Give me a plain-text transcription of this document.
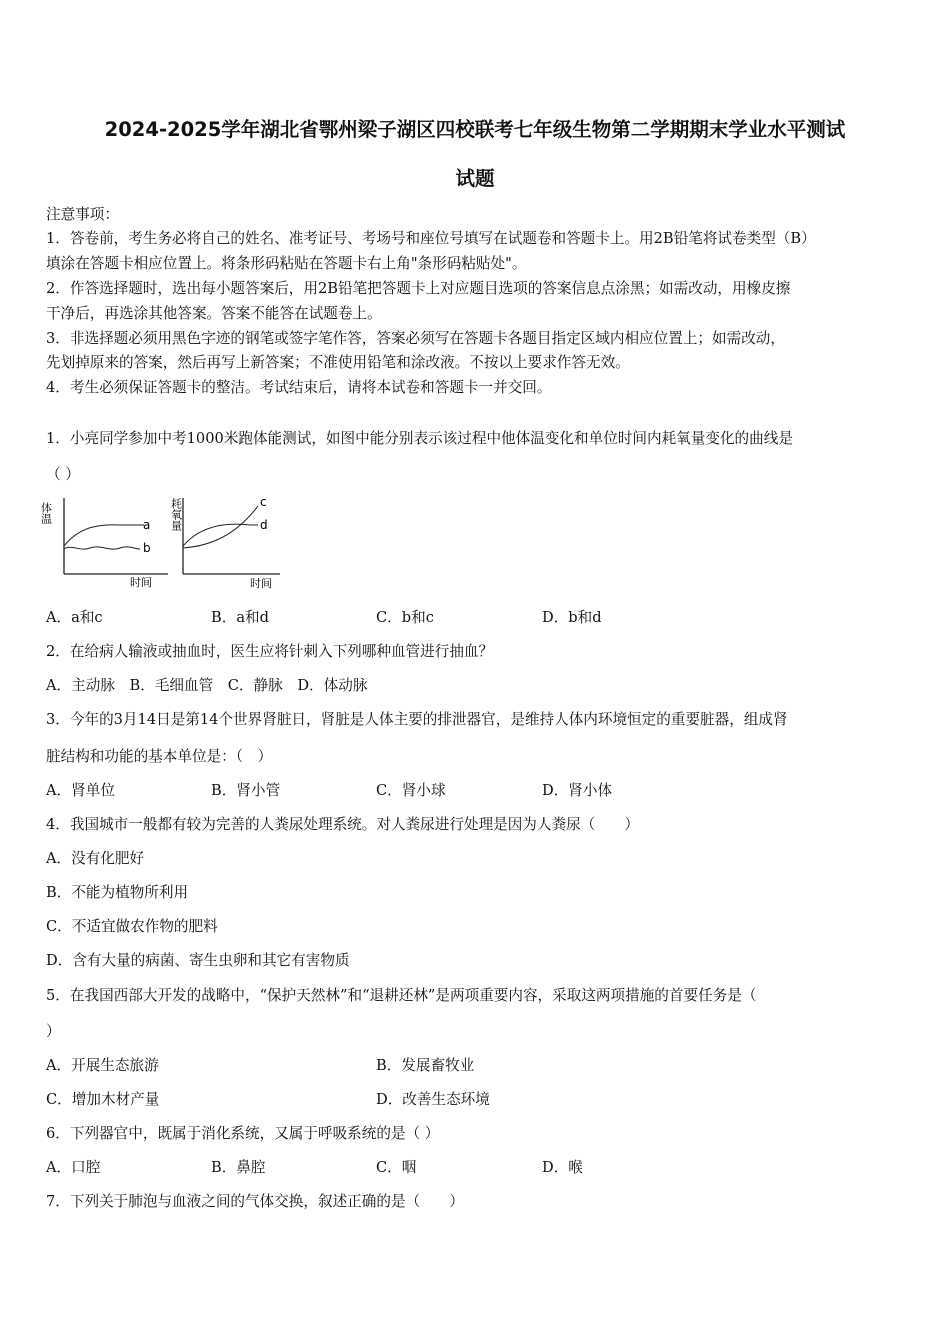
2024-2025学年湖北省鄂州梁子湖区四校联考七年级生物第二学期期末学业水平测试
试题
注意事项：
1．答卷前，考生务必将自己的姓名、准考证号、考场号和座位号填写在试题卷和答题卡上。用2B铅笔将试卷类型（B）
填涂在答题卡相应位置上。将条形码粘贴在答题卡右上角"条形码粘贴处"。
2．作答选择题时，选出每小题答案后，用2B铅笔把答题卡上对应题目选项的答案信息点涂黑；如需改动，用橡皮擦
干净后，再选涂其他答案。答案不能答在试题卷上。
3．非选择题必须用黑色字迹的钢笔或签字笔作答，答案必须写在答题卡各题目指定区域内相应位置上；如需改动，
先划掉原来的答案，然后再写上新答案；不准使用铅笔和涂改液。不按以上要求作答无效。
4．考生必须保证答题卡的整洁。考试结束后，请将本试卷和答题卡一并交回。
1．小亮同学参加中考1000米跑体能测试，如图中能分别表示该过程中他体温变化和单位时间内耗氧量变化的曲线是
（ ）
体温
a
b
时间
耗氧量	c
d
时间
A．a和c	B．a和d	C．b和c	D．b和d
2．在给病人输液或抽血时，医生应将针刺入下列哪种血管进行抽血？
A．主动脉　B．毛细血管　C．静脉　D．体动脉
3．今年的3月14日是第14个世界肾脏日，肾脏是人体主要的排泄器官，是维持人体内环境恒定的重要脏器，组成肾
脏结构和功能的基本单位是：（　）
A．肾单位	B．肾小管	C．肾小球	D．肾小体
4．我国城市一般都有较为完善的人粪尿处理系统。对人粪尿进行处理是因为人粪尿（　　）
A．没有化肥好
B．不能为植物所利用
C．不适宜做农作物的肥料
D．含有大量的病菌、寄生虫卵和其它有害物质
5．在我国西部大开发的战略中，“保护天然林”和“退耕还林”是两项重要内容，采取这两项措施的首要任务是（
）
A．开展生态旅游	B．发展畜牧业
C．增加木材产量	D．改善生态环境
6．下列器官中，既属于消化系统，又属于呼吸系统的是（ ）
A．口腔	B．鼻腔	C．咽	D．喉
7．下列关于肺泡与血液之间的气体交换，叙述正确的是（　　）
